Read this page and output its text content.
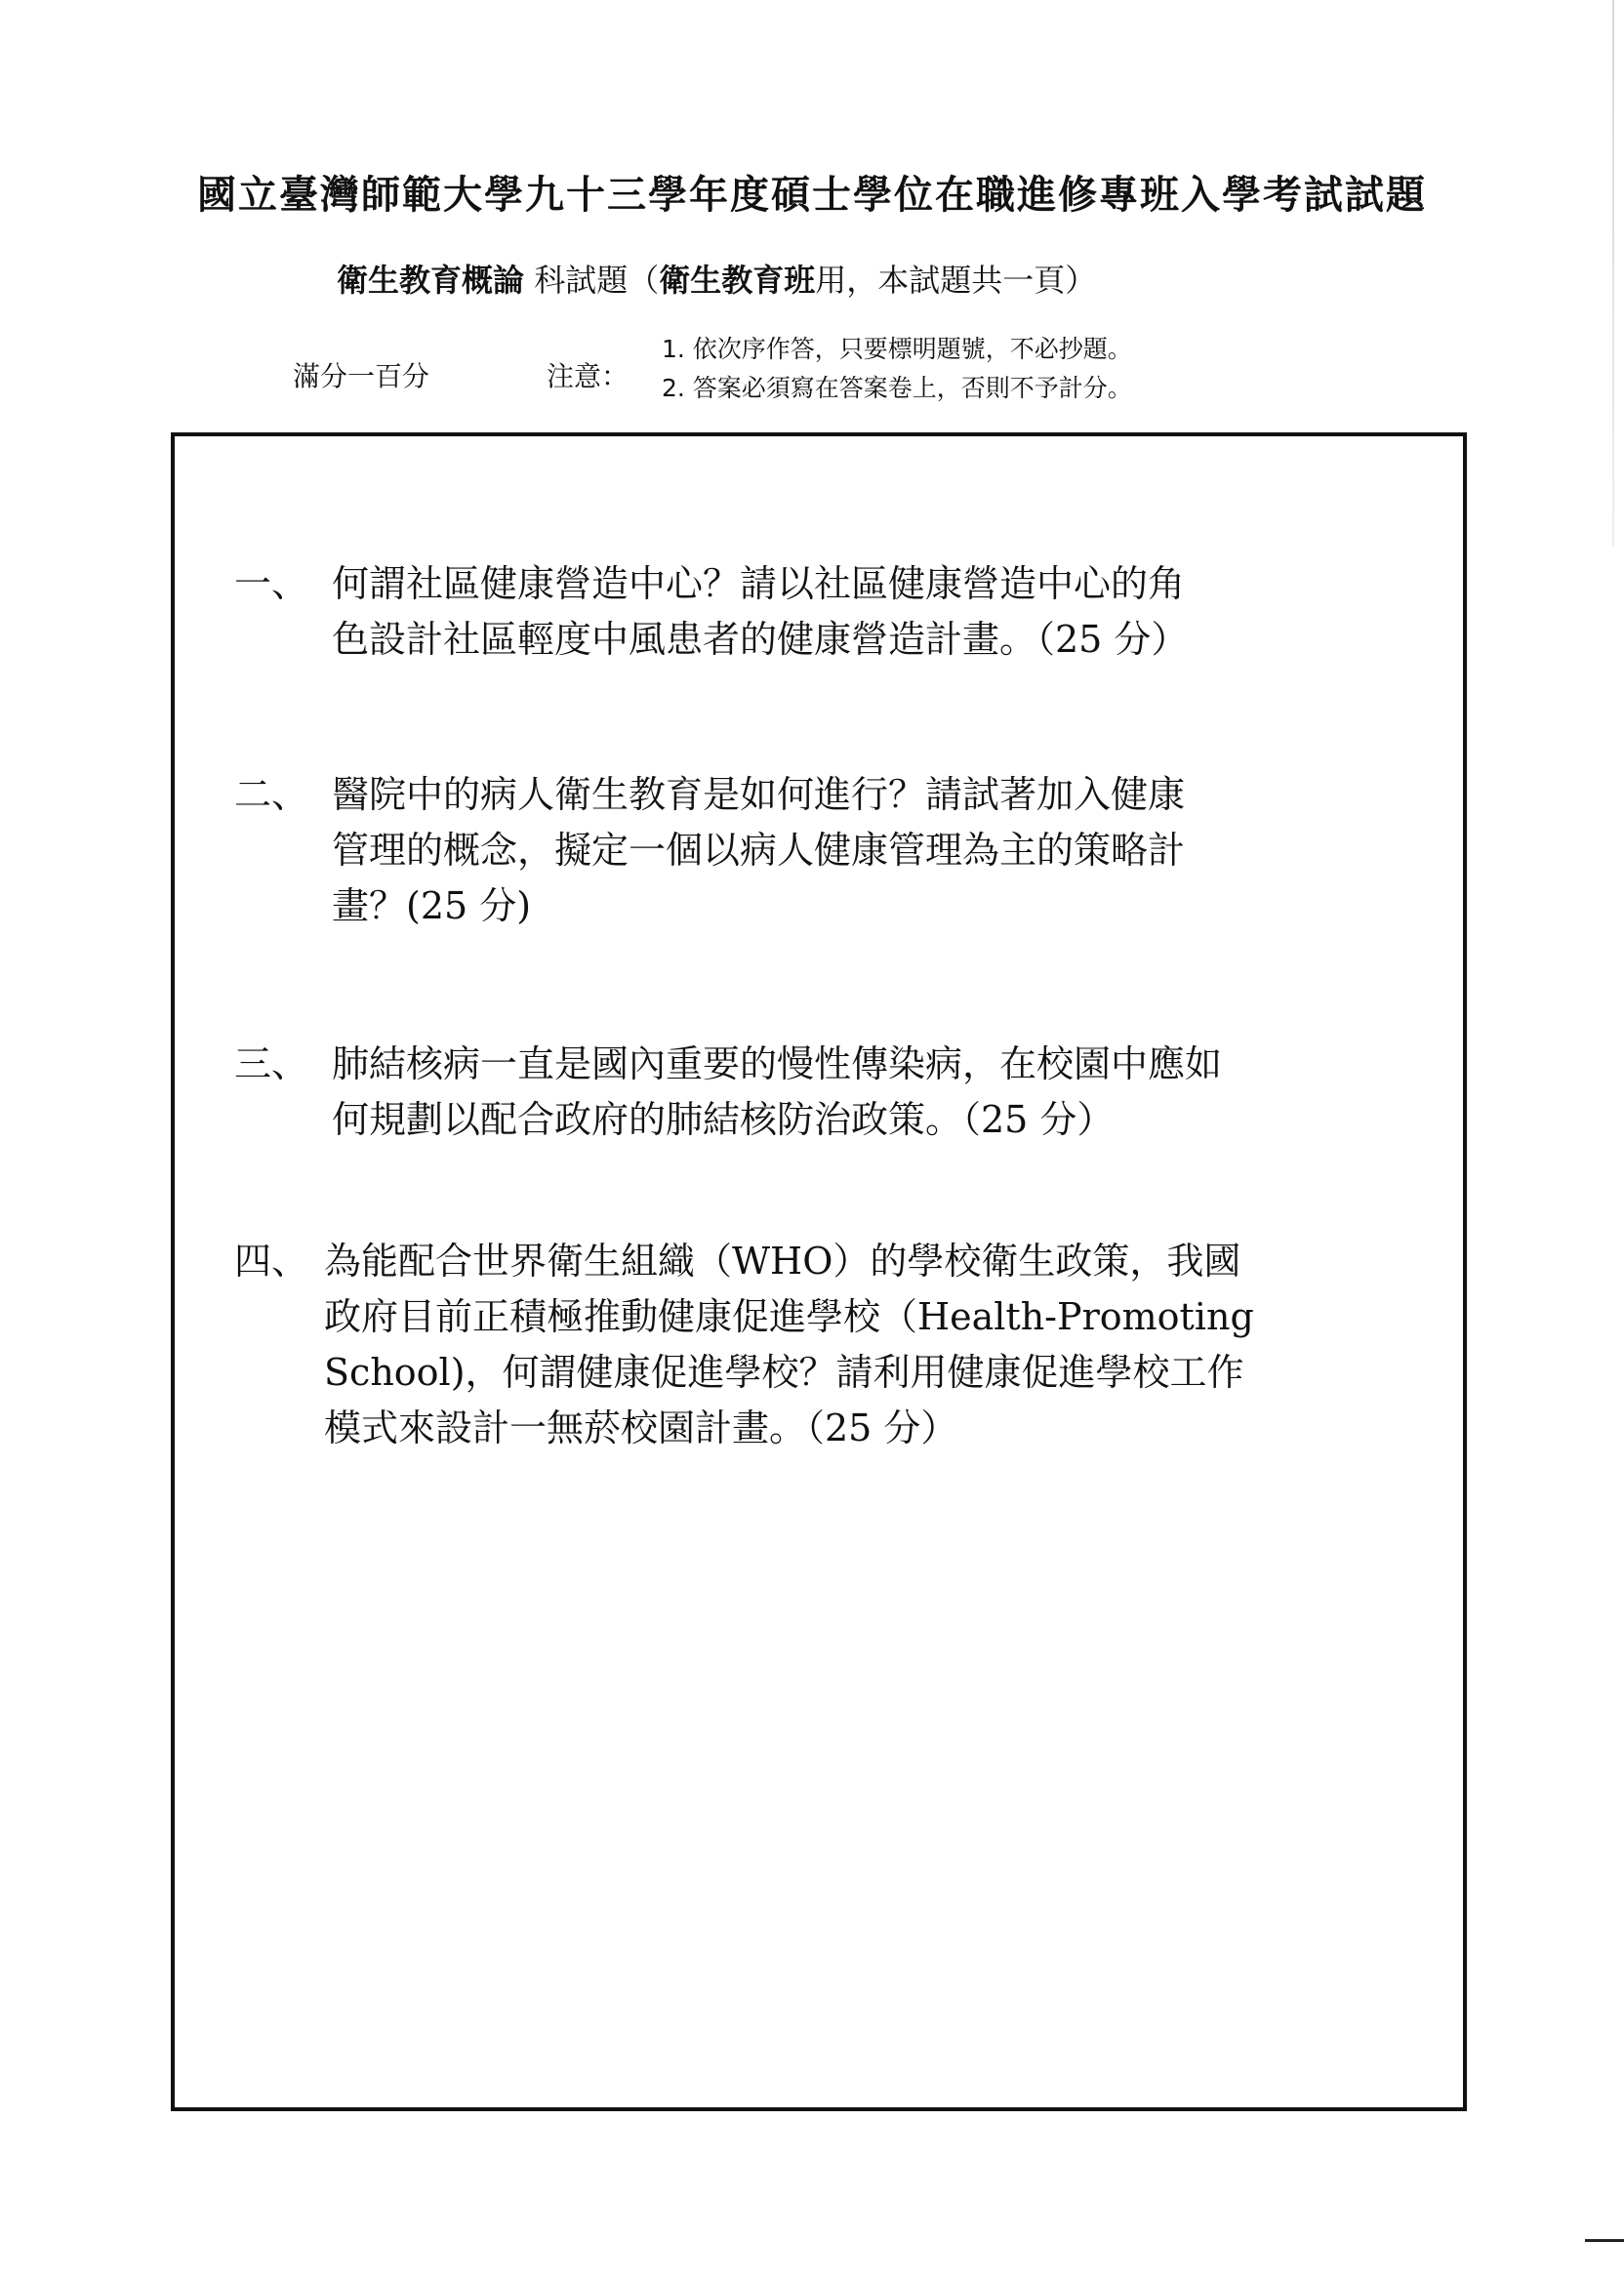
國立臺灣師範大學九十三學年度碩士學位在職進修專班入學考試試題
衛生教育概論 科試題（衛生教育班用，本試題共一頁）
滿分一百分	注意：
1. 依次序作答，只要標明題號，不必抄題。
2. 答案必須寫在答案卷上，否則不予計分。
一、 何謂社區健康營造中心？請以社區健康營造中心的角
色設計社區輕度中風患者的健康營造計畫。（25 分）
二、 醫院中的病人衛生教育是如何進行？請試著加入健康
管理的概念，擬定一個以病人健康管理為主的策略計
畫？(25 分)
三、 肺結核病一直是國內重要的慢性傳染病，在校園中應如
何規劃以配合政府的肺結核防治政策。（25 分）
四、 為能配合世界衛生組織（WHO）的學校衛生政策，我國
政府目前正積極推動健康促進學校（Health-Promoting
School)，何謂健康促進學校？請利用健康促進學校工作
模式來設計一無菸校園計畫。（25 分）
